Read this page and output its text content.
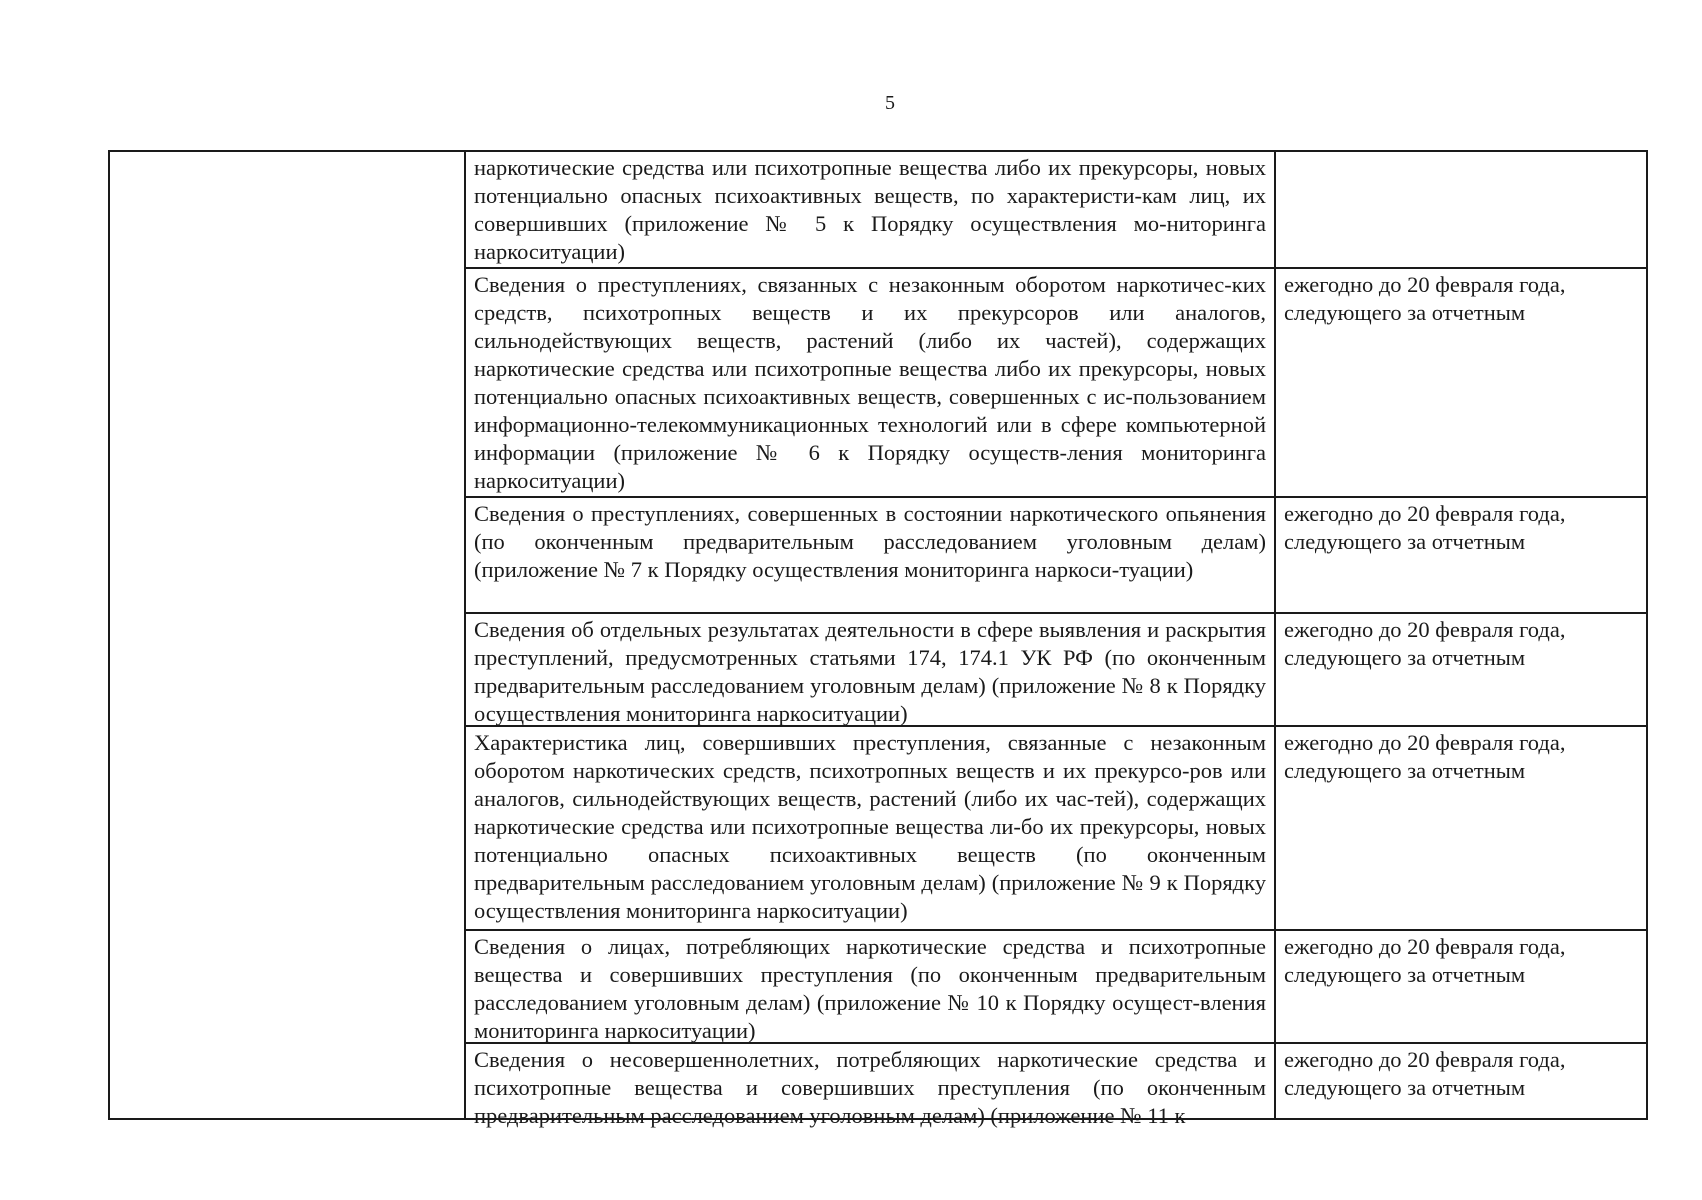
5
наркотические средства или психотропные вещества либо их прекурсоры, новых потенциально опасных психоактивных веществ, по характеристи-кам лиц, их совершивших (приложение № 5 к Порядку осуществления мо-ниторинга наркоситуации)
Сведения о преступлениях, связанных с незаконным оборотом наркотичес-ких средств, психотропных веществ и их прекурсоров или аналогов, сильнодействующих веществ, растений (либо их частей), содержащих наркотические средства или психотропные вещества либо их прекурсоры, новых потенциально опасных психоактивных веществ, совершенных с ис-пользованием информационно-телекоммуникационных технологий или в сфере компьютерной информации (приложение № 6 к Порядку осуществ-ления мониторинга наркоситуации)
ежегодно до 20 февраля года, следующего за отчетным
Сведения о преступлениях, совершенных в состоянии наркотического опьянения (по оконченным предварительным расследованием уголовным делам) (приложение № 7 к Порядку осуществления мониторинга наркоси-туации)
ежегодно до 20 февраля года, следующего за отчетным
Сведения об отдельных результатах деятельности в сфере выявления и раскрытия преступлений, предусмотренных статьями 174, 174.1 УК РФ (по оконченным предварительным расследованием уголовным делам) (приложение № 8 к Порядку осуществления мониторинга наркоситуации)
ежегодно до 20 февраля года, следующего за отчетным
Характеристика лиц, совершивших преступления, связанные с незаконным оборотом наркотических средств, психотропных веществ и их прекурсо-ров или аналогов, сильнодействующих веществ, растений (либо их час-тей), содержащих наркотические средства или психотропные вещества ли-бо их прекурсоры, новых потенциально опасных психоактивных веществ (по оконченным предварительным расследованием уголовным делам) (приложение № 9 к Порядку осуществления мониторинга наркоситуации)
ежегодно до 20 февраля года, следующего за отчетным
Сведения о лицах, потребляющих наркотические средства и психотропные вещества и совершивших преступления (по оконченным предварительным расследованием уголовным делам) (приложение № 10 к Порядку осущест-вления мониторинга наркоситуации)
ежегодно до 20 февраля года, следующего за отчетным
Сведения о несовершеннолетних, потребляющих наркотические средства и психотропные вещества и совершивших преступления (по оконченным предварительным расследованием уголовным делам) (приложение № 11 к
ежегодно до 20 февраля года, следующего за отчетным
